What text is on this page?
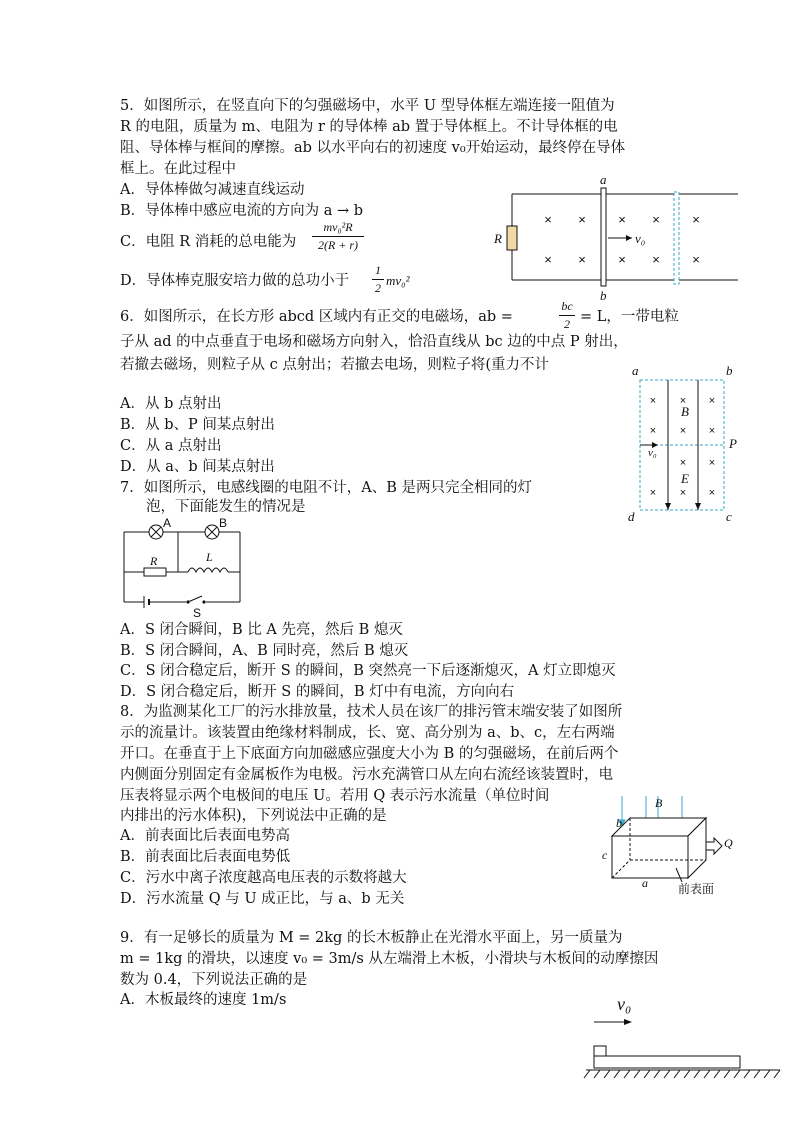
5．如图所示，在竖直向下的匀强磁场中，水平 U 型导体框左端连接一阻值为
R 的电阻，质量为 m、电阻为 r 的导体棒 ab 置于导体框上。不计导体框的电
阻、导体棒与框间的摩擦。ab 以水平向右的初速度 v₀开始运动，最终停在导体
框上。在此过程中
A．导体棒做匀减速直线运动
B．导体棒中感应电流的方向为 a → b
C．电阻 R 消耗的总电能为
mv₀²R
2(R + r)
D．导体棒克服安培力做的总功小于
1
2 mv₀²
× × × × ×
× × × × ×
a
b
R	v₀
6．如图所示，在长方形 abcd 区域内有正交的电磁场，ab =
bc
2 = L，一带电粒
子从 ad 的中点垂直于电场和磁场方向射入，恰沿直线从 bc 边的中点 P 射出，
若撤去磁场，则粒子从 c 点射出；若撤去电场，则粒子将(重力不计
A．从 b 点射出
B．从 b、P 间某点射出
C．从 a 点射出
D．从 a、b 间某点射出
× × ×
× × ×
× ×
× × ×
a	b
d	c
P
B
E
v₀
7．如图所示，电感线圈的电阻不计，A、B 是两只完全相同的灯
泡，下面能发生的情况是
A	B
R	L
S
A．S 闭合瞬间，B 比 A 先亮，然后 B 熄灭
B．S 闭合瞬间，A、B 同时亮，然后 B 熄灭
C．S 闭合稳定后，断开 S 的瞬间，B 突然亮一下后逐渐熄灭，A 灯立即熄灭
D．S 闭合稳定后，断开 S 的瞬间，B 灯中有电流，方向向右
8．为监测某化工厂的污水排放量，技术人员在该厂的排污管末端安装了如图所
示的流量计。该装置由绝缘材料制成，长、宽、高分别为 a、b、c，左右两端
开口。在垂直于上下底面方向加磁感应强度大小为 B 的匀强磁场，在前后两个
内侧面分别固定有金属板作为电极。污水充满管口从左向右流经该装置时，电
压表将显示两个电极间的电压 U。若用 Q 表示污水流量（单位时间
内排出的污水体积)，下列说法中正确的是
A．前表面比后表面电势高
B．前表面比后表面电势低
C．污水中离子浓度越高电压表的示数将越大
D．污水流量 Q 与 U 成正比，与 a、b 无关
b
B
c
Q
a	前表面
9．有一足够长的质量为 M = 2kg 的长木板静止在光滑水平面上，另一质量为
m = 1kg 的滑块，以速度 v₀ = 3m/s 从左端滑上木板，小滑块与木板间的动摩擦因
数为 0.4，下列说法正确的是
A．木板最终的速度 1m/s	v₀
